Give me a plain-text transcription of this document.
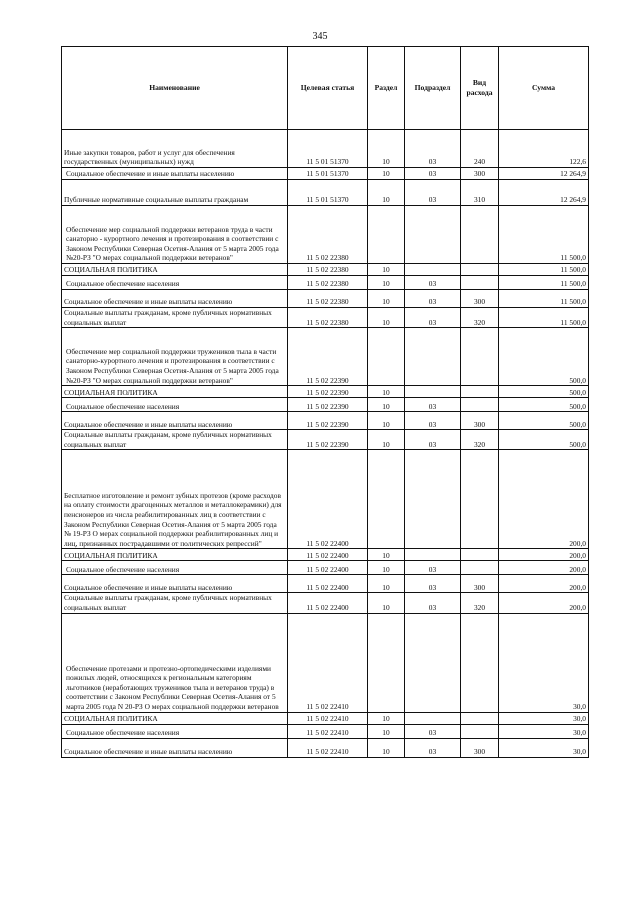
345
Наименование	Целевая статья	Раздел	Подраздел	Вид расхода	Сумма
Иные закупки товаров, работ и услуг для обеспечения государственных (муниципальных) нужд	11 5 01 51370	10	03	240	122,6
Социальное обеспечение и иные выплаты населению	11 5 01 51370	10	03	300	12 264,9
Публичные нормативные социальные выплаты гражданам	11 5 01 51370	10	03	310	12 264,9
Обеспечение мер социальной поддержки ветеранов труда в части санаторно - курортного лечения и протезирования в соответствии с Законом Республики Северная Осетия-Алания от 5 марта 2005 года №20-РЗ "О мерах социальной поддержки ветеранов"	11 5 02 22380				11 500,0
СОЦИАЛЬНАЯ ПОЛИТИКА	11 5 02 22380	10			11 500,0
Социальное обеспечение населения	11 5 02 22380	10	03		11 500,0
Социальное обеспечение и иные выплаты населению	11 5 02 22380	10	03	300	11 500,0
Социальные выплаты гражданам, кроме публичных нормативных социальных выплат	11 5 02 22380	10	03	320	11 500,0
Обеспечение мер социальной поддержки тружеников тыла в части санаторно-курортного лечения и протезирования в соответствии с Законом Республики Северная Осетия-Алания от 5 марта 2005 года №20-РЗ "О мерах социальной поддержки ветеранов"	11 5 02 22390				500,0
СОЦИАЛЬНАЯ ПОЛИТИКА	11 5 02 22390	10			500,0
Социальное обеспечение населения	11 5 02 22390	10	03		500,0
Социальное обеспечение и иные выплаты населению	11 5 02 22390	10	03	300	500,0
Социальные выплаты гражданам, кроме публичных нормативных социальных выплат	11 5 02 22390	10	03	320	500,0
Бесплатное изготовление и ремонт зубных протезов (кроме расходов на оплату стоимости драгоценных металлов и металлокерамики) для пенсионеров из числа реабилитированных лиц в соответствии с Законом Республики Северная Осетия-Алания от 5 марта 2005 года № 19-РЗ О мерах социальной поддержки реабилитированных лиц и лиц, признанных пострадавшими от политических репрессий"	11 5 02 22400				200,0
СОЦИАЛЬНАЯ ПОЛИТИКА	11 5 02 22400	10			200,0
Социальное обеспечение населения	11 5 02 22400	10	03		200,0
Социальное обеспечение и иные выплаты населению	11 5 02 22400	10	03	300	200,0
Социальные выплаты гражданам, кроме публичных нормативных социальных выплат	11 5 02 22400	10	03	320	200,0
Обеспечение протезами и протезно-ортопедическими изделиями пожилых людей, относящихся к региональным категориям льготников (неработающих тружеников тыла и ветеранов труда) в соответствии с Законом Республики Северная Осетия-Алания от 5 марта 2005 года N 20-РЗ О мерах социальной поддержки ветеранов	11 5 02 22410				30,0
СОЦИАЛЬНАЯ ПОЛИТИКА	11 5 02 22410	10			30,0
Социальное обеспечение населения	11 5 02 22410	10	03		30,0
Социальное обеспечение и иные выплаты населению	11 5 02 22410	10	03	300	30,0
